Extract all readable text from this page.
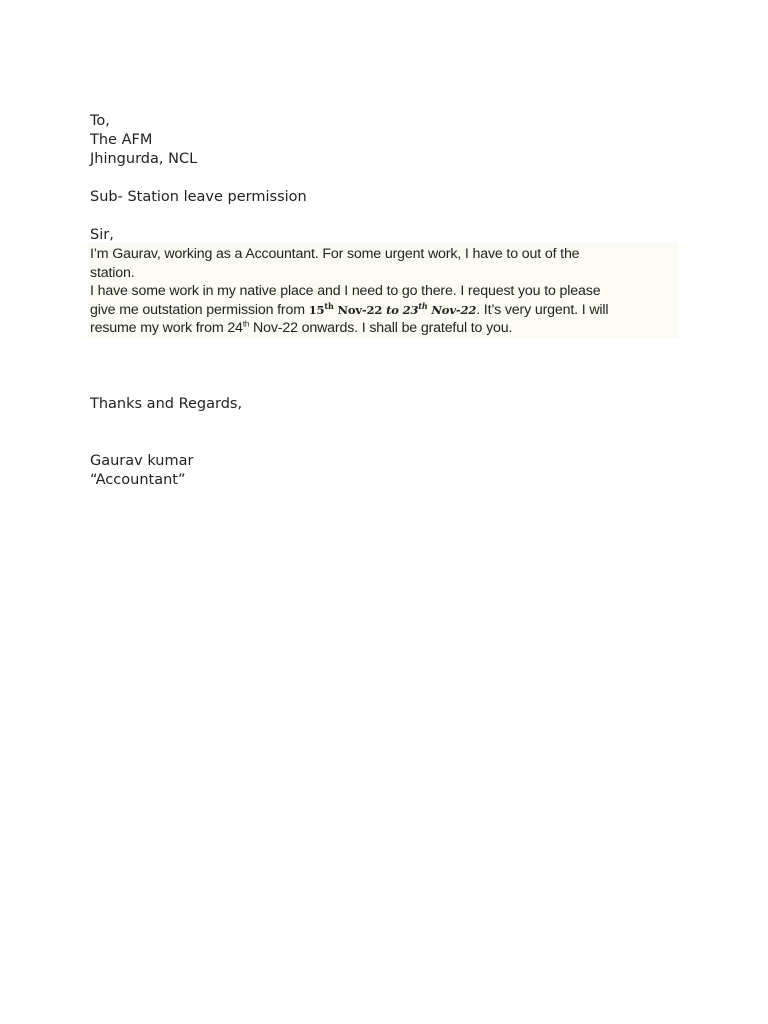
To,
The AFM
Jhingurda, NCL
Sub- Station leave permission
Sir,
I’m Gaurav, working as a Accountant. For some urgent work, I have to out of the
station.
I have some work in my native place and I need to go there. I request you to please
give me outstation permission from 15th Nov-22 to 23th Nov-22. It’s very urgent. I will
resume my work from 24th Nov-22 onwards. I shall be grateful to you.
Thanks and Regards,
Gaurav kumar
“Accountant”
